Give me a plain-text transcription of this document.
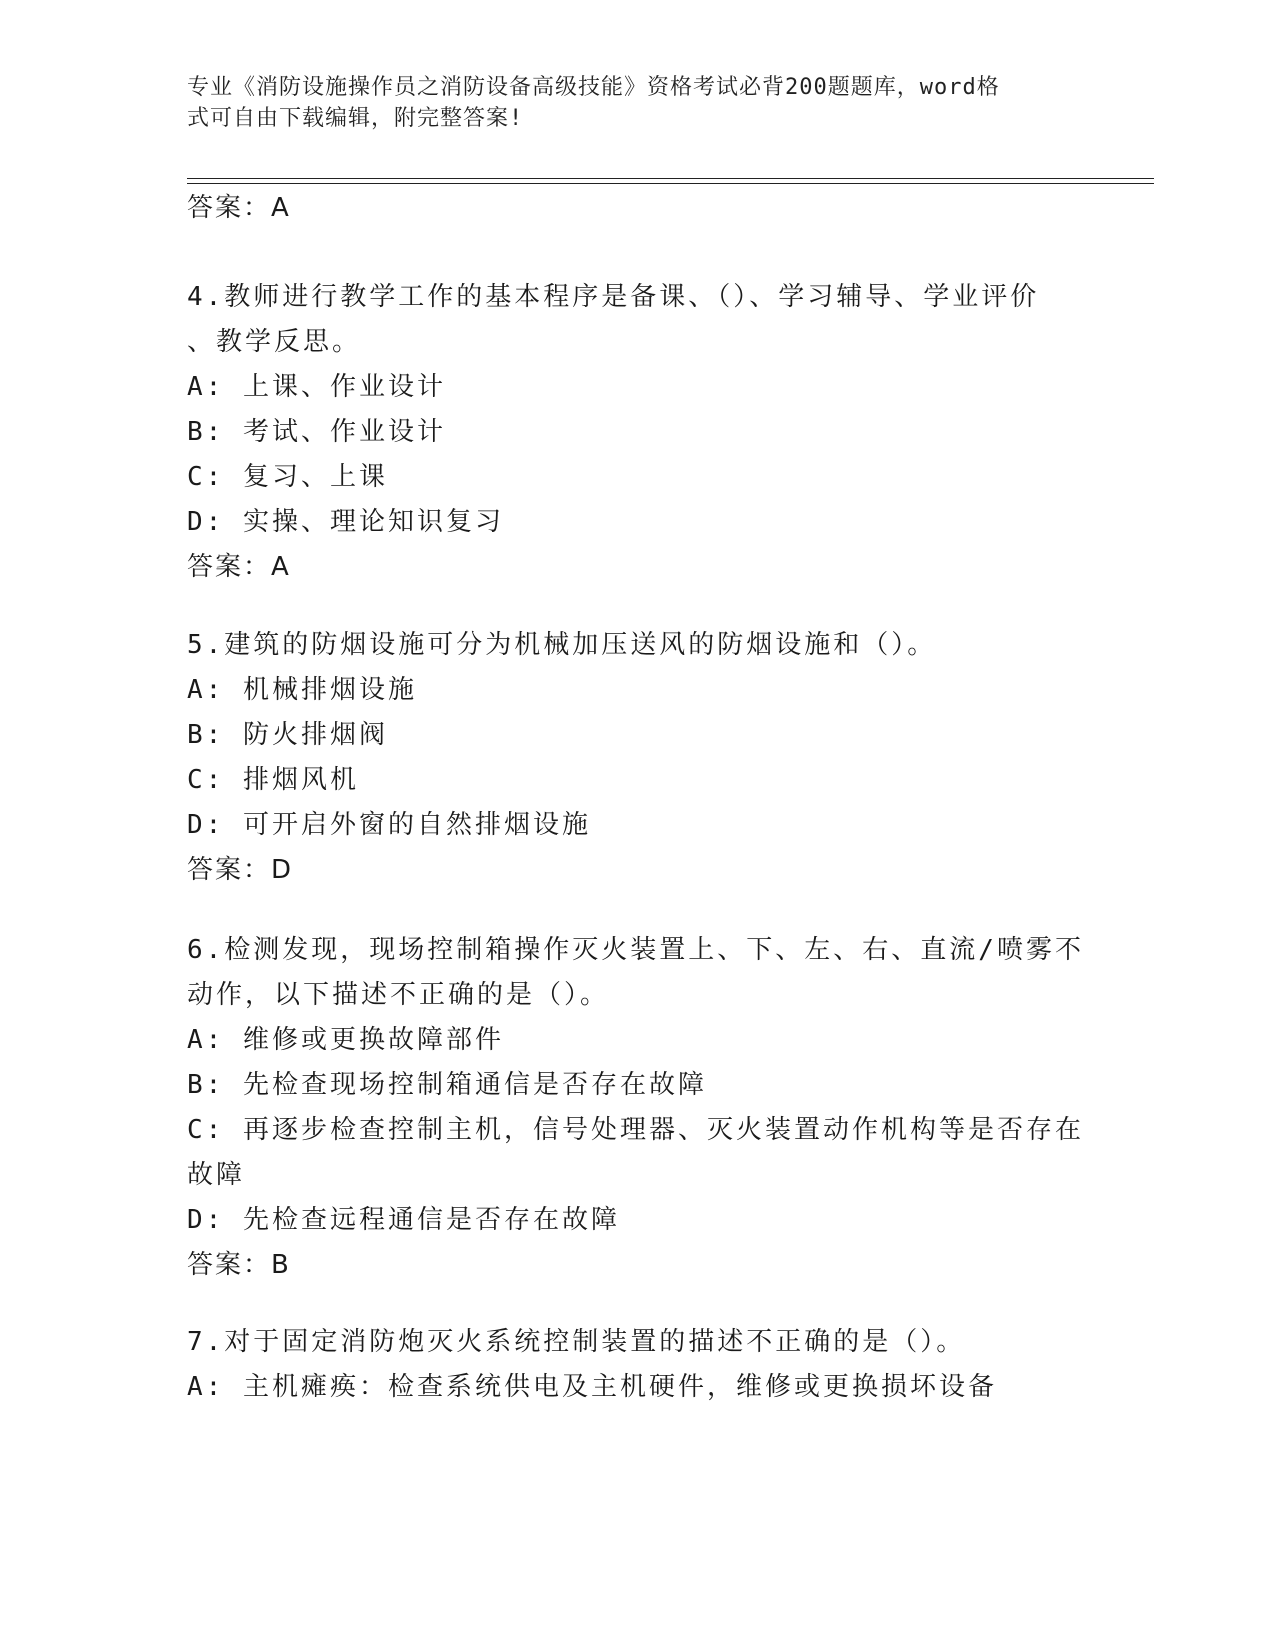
专业《消防设施操作员之消防设备高级技能》资格考试必背200题题库，word格
式可自由下载编辑，附完整答案!
答案：A
4.教师进行教学工作的基本程序是备课、（）、学习辅导、学业评价
、教学反思。
A: 上课、作业设计
B: 考试、作业设计
C: 复习、上课
D: 实操、理论知识复习
答案：A
5.建筑的防烟设施可分为机械加压送风的防烟设施和（）。
A: 机械排烟设施
B: 防火排烟阀
C: 排烟风机
D: 可开启外窗的自然排烟设施
答案：D
6.检测发现，现场控制箱操作灭火装置上、下、左、右、直流/喷雾不
动作，以下描述不正确的是（）。
A: 维修或更换故障部件
B: 先检查现场控制箱通信是否存在故障
C: 再逐步检查控制主机，信号处理器、灭火装置动作机构等是否存在
故障
D: 先检查远程通信是否存在故障
答案：B
7.对于固定消防炮灭火系统控制装置的描述不正确的是（）。
A: 主机瘫痪：检查系统供电及主机硬件，维修或更换损坏设备
